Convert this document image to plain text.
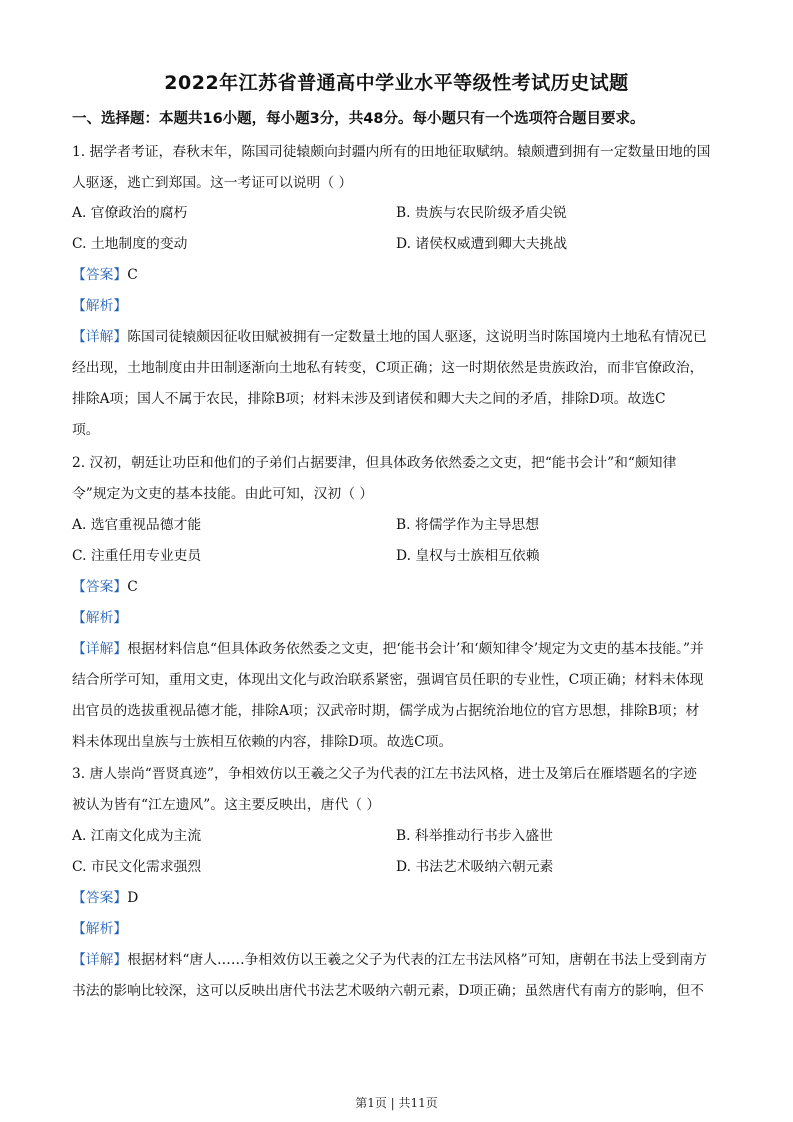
2022年江苏省普通高中学业水平等级性考试历史试题
一、选择题：本题共16小题，每小题3分，共48分。每小题只有一个选项符合题目要求。
1. 据学者考证，春秋末年，陈国司徒辕颇向封疆内所有的田地征取赋纳。辕颇遭到拥有一定数量田地的国
人驱逐，逃亡到郑国。这一考证可以说明（ ）
A. 官僚政治的腐朽	B. 贵族与农民阶级矛盾尖锐
C. 土地制度的变动	D. 诸侯权威遭到卿大夫挑战
【答案】C
【解析】
【详解】陈国司徒辕颇因征收田赋被拥有一定数量土地的国人驱逐，这说明当时陈国境内土地私有情况已
经出现，土地制度由井田制逐渐向土地私有转变，C项正确；这一时期依然是贵族政治，而非官僚政治，
排除A项；国人不属于农民，排除B项；材料未涉及到诸侯和卿大夫之间的矛盾，排除D项。故选C
项。
2. 汉初，朝廷让功臣和他们的子弟们占据要津，但具体政务依然委之文吏，把“能书会计”和“颇知律
令”规定为文吏的基本技能。由此可知，汉初（ ）
A. 选官重视品德才能	B. 将儒学作为主导思想
C. 注重任用专业吏员	D. 皇权与士族相互依赖
【答案】C
【解析】
【详解】根据材料信息“但具体政务依然委之文吏，把‘能书会计’和‘颇知律令’规定为文吏的基本技能。”并
结合所学可知，重用文吏，体现出文化与政治联系紧密，强调官员任职的专业性，C项正确；材料未体现
出官员的选拔重视品德才能，排除A项；汉武帝时期，儒学成为占据统治地位的官方思想，排除B项；材
料未体现出皇族与士族相互依赖的内容，排除D项。故选C项。
3. 唐人崇尚“晋贤真迹”，争相效仿以王羲之父子为代表的江左书法风格，进士及第后在雁塔题名的字迹
被认为皆有“江左遗风”。这主要反映出，唐代（ ）
A. 江南文化成为主流	B. 科举推动行书步入盛世
C. 市民文化需求强烈	D. 书法艺术吸纳六朝元素
【答案】D
【解析】
【详解】根据材料“唐人……争相效仿以王羲之父子为代表的江左书法风格”可知，唐朝在书法上受到南方
书法的影响比较深，这可以反映出唐代书法艺术吸纳六朝元素，D项正确；虽然唐代有南方的影响，但不
第1页 | 共11页
